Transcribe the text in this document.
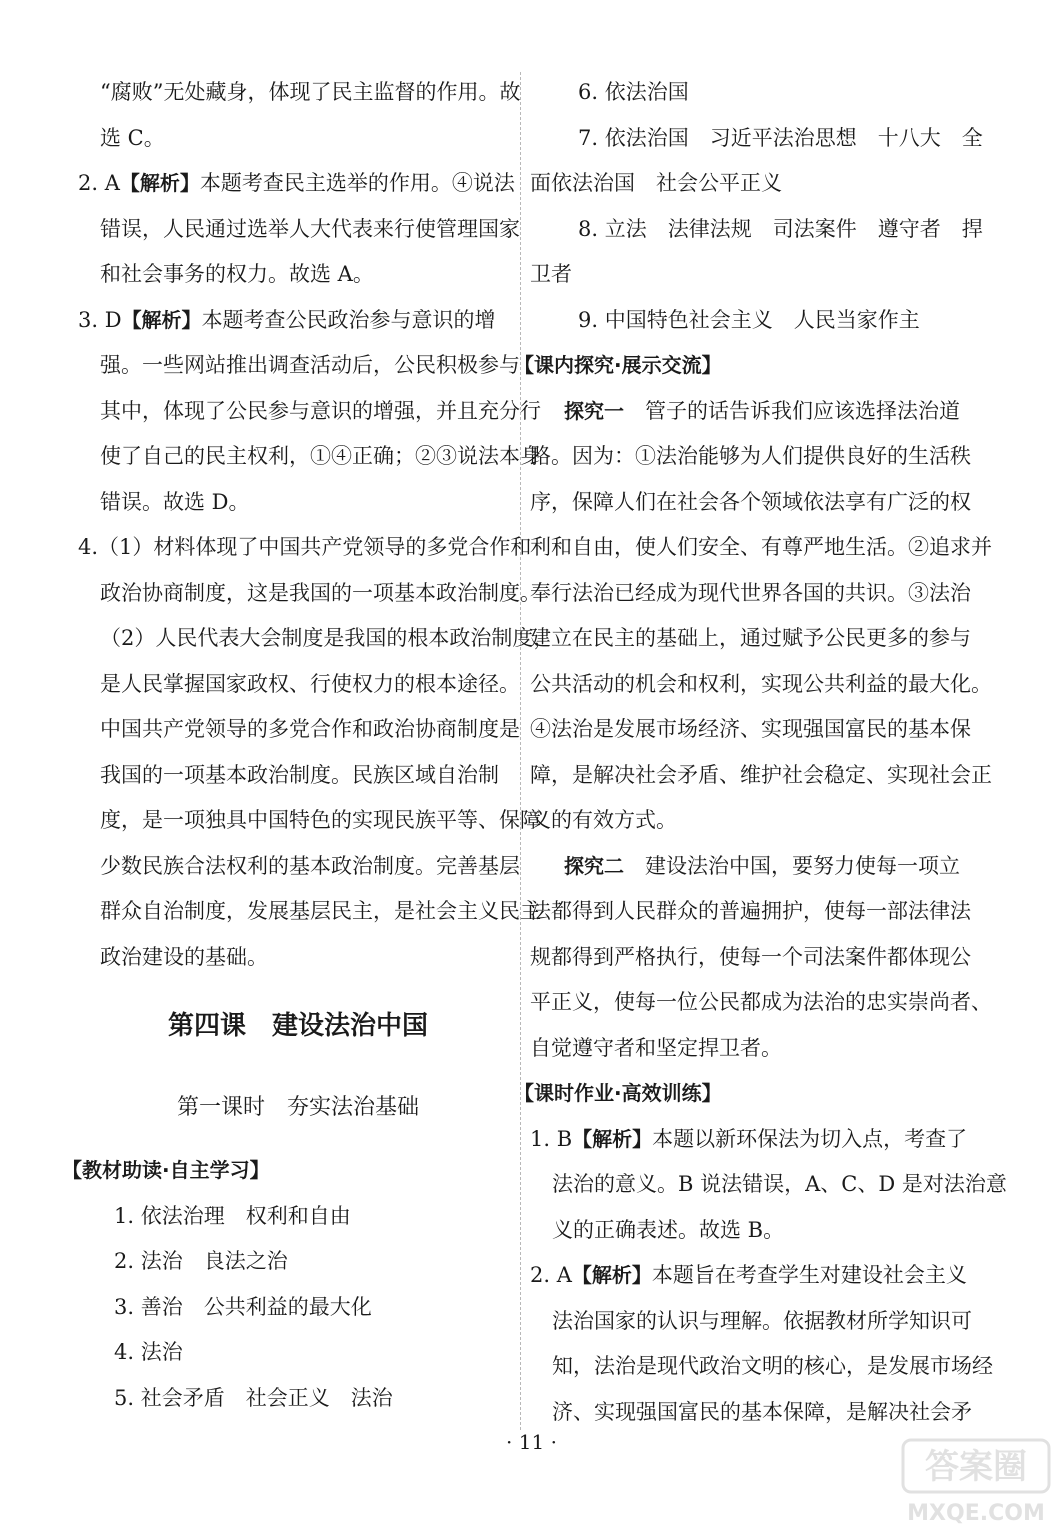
“腐败”无处藏身，体现了民主监督的作用。故
选 C。
2. A【解析】本题考查民主选举的作用。④说法
错误，人民通过选举人大代表来行使管理国家
和社会事务的权力。故选 A。
3. D【解析】本题考查公民政治参与意识的增
强。一些网站推出调查活动后，公民积极参与
其中，体现了公民参与意识的增强，并且充分行
使了自己的民主权利，①④正确；②③说法本身
错误。故选 D。
4.（1）材料体现了中国共产党领导的多党合作和
政治协商制度，这是我国的一项基本政治制度。
（2）人民代表大会制度是我国的根本政治制度，
是人民掌握国家政权、行使权力的根本途径。
中国共产党领导的多党合作和政治协商制度是
我国的一项基本政治制度。民族区域自治制
度，是一项独具中国特色的实现民族平等、保障
少数民族合法权利的基本政治制度。完善基层
群众自治制度，发展基层民主，是社会主义民主
政治建设的基础。
第四课　建设法治中国
第一课时　夯实法治基础
【教材助读·自主学习】
1. 依法治理　权利和自由
2. 法治　良法之治
3. 善治　公共利益的最大化
4. 法治
5. 社会矛盾　社会正义　法治
6. 依法治国
7. 依法治国　习近平法治思想　十八大　全
面依法治国　社会公平正义
8. 立法　法律法规　司法案件　遵守者　捍
卫者
9. 中国特色社会主义　人民当家作主
【课内探究·展示交流】
探究一　管子的话告诉我们应该选择法治道
路。因为：①法治能够为人们提供良好的生活秩
序，保障人们在社会各个领域依法享有广泛的权
利和自由，使人们安全、有尊严地生活。②追求并
奉行法治已经成为现代世界各国的共识。③法治
建立在民主的基础上，通过赋予公民更多的参与
公共活动的机会和权利，实现公共利益的最大化。
④法治是发展市场经济、实现强国富民的基本保
障，是解决社会矛盾、维护社会稳定、实现社会正
义的有效方式。
探究二　建设法治中国，要努力使每一项立
法都得到人民群众的普遍拥护，使每一部法律法
规都得到严格执行，使每一个司法案件都体现公
平正义，使每一位公民都成为法治的忠实崇尚者、
自觉遵守者和坚定捍卫者。
【课时作业·高效训练】
1. B【解析】本题以新环保法为切入点，考查了
法治的意义。B 说法错误，A、C、D 是对法治意
义的正确表述。故选 B。
2. A【解析】本题旨在考查学生对建设社会主义
法治国家的认识与理解。依据教材所学知识可
知，法治是现代政治文明的核心，是发展市场经
济、实现强国富民的基本保障，是解决社会矛
· 11 ·
答案圈
MXQE.COM
